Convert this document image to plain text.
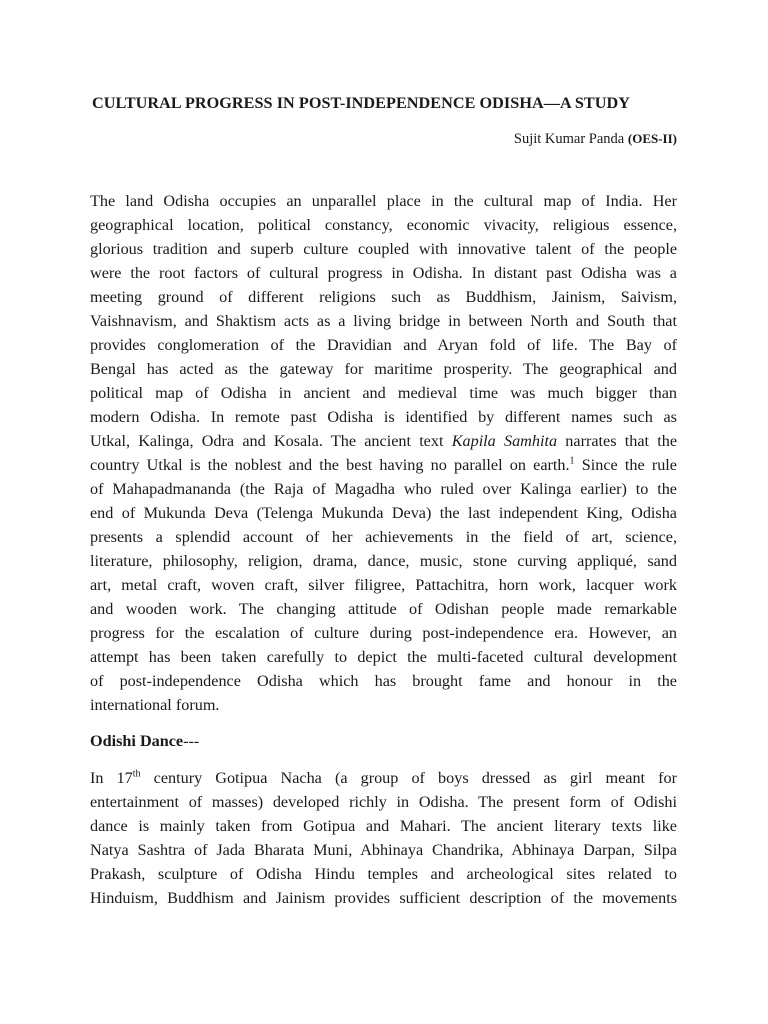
CULTURAL PROGRESS IN POST-INDEPENDENCE ODISHA—A STUDY

Sujit Kumar Panda (OES-II)

The land Odisha occupies an unparallel place in the cultural map of India. Her
geographical location, political constancy, economic vivacity, religious essence,
glorious tradition and superb culture coupled with innovative talent of the people
were the root factors of cultural progress in Odisha. In distant past Odisha was a
meeting ground of different religions such as Buddhism, Jainism, Saivism,
Vaishnavism, and Shaktism acts as a living bridge in between North and South that
provides conglomeration of the Dravidian and Aryan fold of life. The Bay of
Bengal has acted as the gateway for maritime prosperity. The geographical and
political map of Odisha in ancient and medieval time was much bigger than
modern Odisha. In remote past Odisha is identified by different names such as
Utkal, Kalinga, Odra and Kosala. The ancient text Kapila Samhita narrates that the
country Utkal is the noblest and the best having no parallel on earth.$^1$ Since the rule
of Mahapadmananda (the Raja of Magadha who ruled over Kalinga earlier) to the
end of Mukunda Deva (Telenga Mukunda Deva) the last independent King, Odisha
presents a splendid account of her achievements in the field of art, science,
literature, philosophy, religion, drama, dance, music, stone curving appliqué, sand
art, metal craft, woven craft, silver filigree, Pattachitra, horn work, lacquer work
and wooden work. The changing attitude of Odishan people made remarkable
progress for the escalation of culture during post-independence era. However, an
attempt has been taken carefully to depict the multi-faceted cultural development
of post-independence Odisha which has brought fame and honour in the
international forum.

Odishi Dance---

In 17th century Gotipua Nacha (a group of boys dressed as girl meant for
entertainment of masses) developed richly in Odisha. The present form of Odishi
dance is mainly taken from Gotipua and Mahari. The ancient literary texts like
Natya Sashtra of Jada Bharata Muni, Abhinaya Chandrika, Abhinaya Darpan, Silpa
Prakash, sculpture of Odisha Hindu temples and archeological sites related to
Hinduism, Buddhism and Jainism provides sufficient description of the movements
